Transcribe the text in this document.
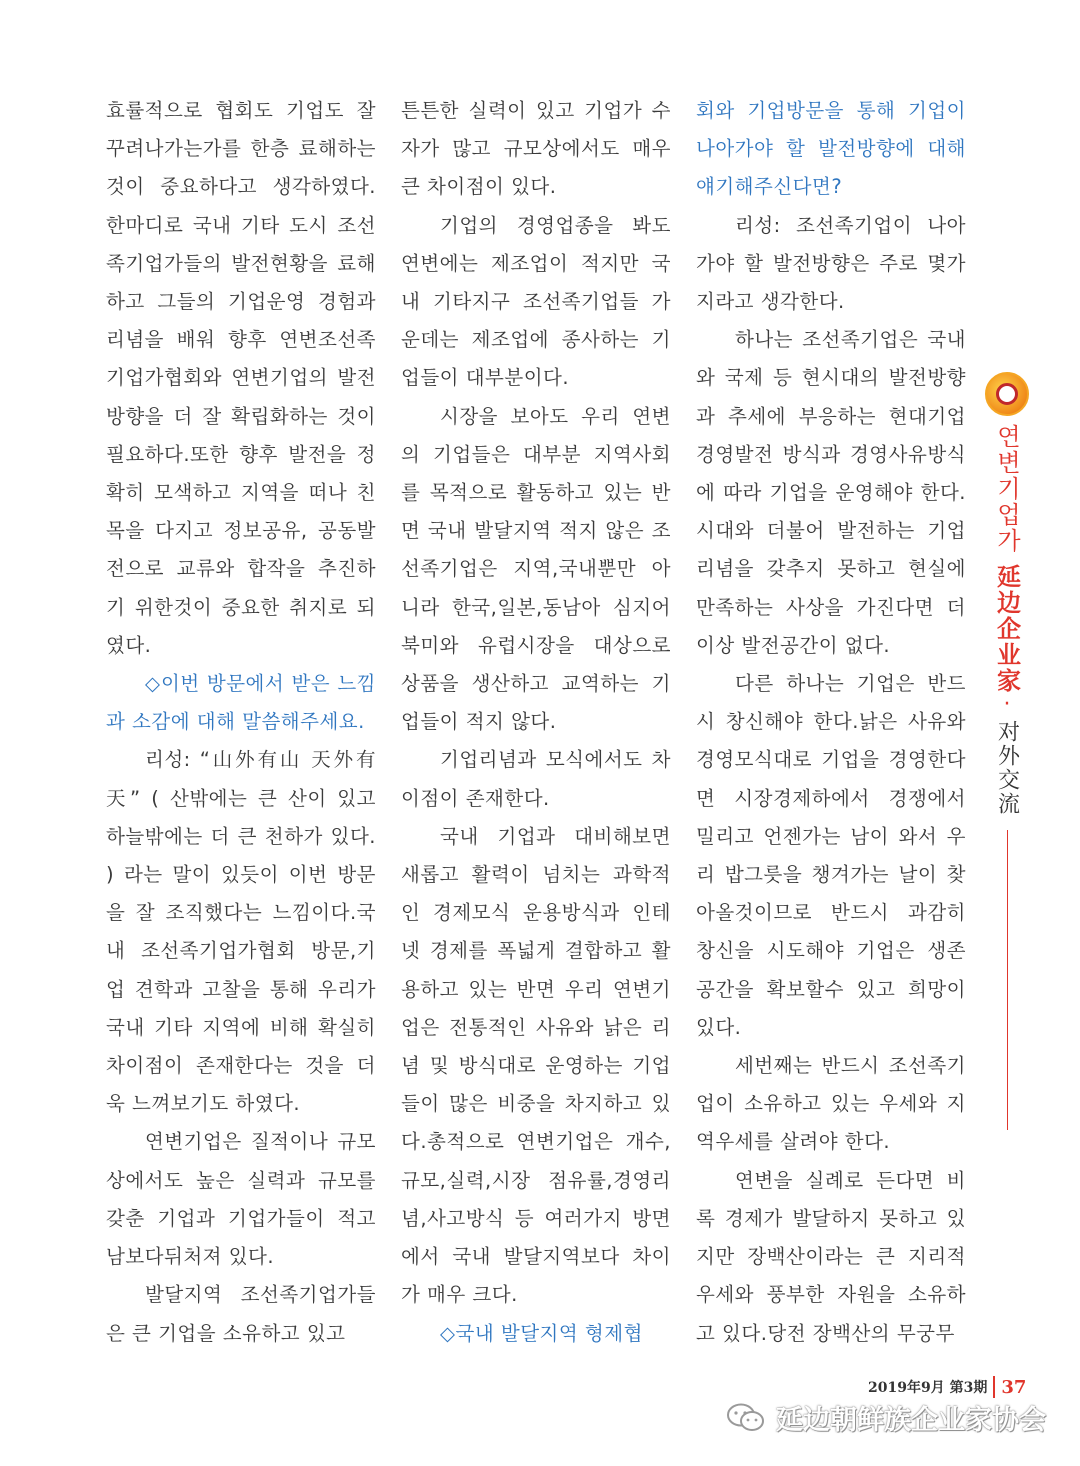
효률적으로 협회도 기업도 잘 꾸려나가는가를 한층 료해하는것이 중요하다고 생각하였다.한마디로 국내 기타 도시 조선족기업가들의 발전현황을 료해하고 그들의 기업운영 경험과 리념을 배워 향후 연변조선족기업가협회와 연변기업의 발전방향을 더 잘 확립화하는 것이 필요하다.또한 향후 발전을 정확히 모색하고 지역을 떠나 친목을 다지고 정보공유, 공동발전으로 교류와 합작을 추진하기 위한것이 중요한 취지로 되였다.

◇이번 방문에서 받은 느낌과 소감에 대해 말씀해주세요.

리성: “山外有山 天外有天” ( 산밖에는 큰 산이 있고 하늘밖에는 더 큰 천하가 있다. ) 라는 말이 있듯이 이번 방문을 잘 조직했다는 느낌이다.국내 조선족기업가협회 방문,기업 견학과 고찰을 통해 우리가 국내 기타 지역에 비해 확실히 차이점이 존재한다는 것을 더욱 느껴보기도 하였다.

연변기업은 질적이나 규모상에서도 높은 실력과 규모를 갖춘 기업과 기업가들이 적고 남보다뒤처져 있다.

발달지역 조선족기업가들은 큰 기업을 소유하고 있고

튼튼한 실력이 있고 기업가 수자가 많고 규모상에서도 매우 큰 차이점이 있다.

기업의 경영업종을 봐도 연변에는 제조업이 적지만 국내 기타지구 조선족기업들 가운데는 제조업에 종사하는 기업들이 대부분이다.

시장을 보아도 우리 연변의 기업들은 대부분 지역사회를 목적으로 활동하고 있는 반면 국내 발달지역 적지 않은 조선족기업은 지역,국내뿐만 아니라 한국,일본,동남아 심지어 북미와 유럽시장을 대상으로 상품을 생산하고 교역하는 기업들이 적지 않다.

기업리념과 모식에서도 차이점이 존재한다.

국내 기업과 대비해보면 새롭고 활력이 넘치는 과학적인 경제모식 운용방식과 인테넷 경제를 폭넓게 결합하고 활용하고 있는 반면 우리 연변기업은 전통적인 사유와 낡은 리념 및 방식대로 운영하는 기업들이 많은 비중을 차지하고 있다.총적으로 연변기업은 개수,규모,실력,시장 점유률,경영리념,사고방식 등 여러가지 방면에서 국내 발달지역보다 차이가 매우 크다.

◇국내 발달지역 형제협

회와 기업방문을 통해 기업이 나아가야 할 발전방향에 대해 얘기해주신다면?

리성: 조선족기업이 나아가야 할 발전방향은 주로 몇가지라고 생각한다.

하나는 조선족기업은 국내와 국제 등 현시대의 발전방향과 추세에 부응하는 현대기업경영발전 방식과 경영사유방식에 따라 기업을 운영해야 한다.시대와 더불어 발전하는 기업리념을 갖추지 못하고 현실에 만족하는 사상을 가진다면 더 이상 발전공간이 없다.

다른 하나는 기업은 반드시 창신해야 한다.낡은 사유와 경영모식대로 기업을 경영한다면 시장경제하에서 경쟁에서 밀리고 언젠가는 남이 와서 우리 밥그릇을 챙겨가는 날이 찾아올것이므로 반드시 과감히 창신을 시도해야 기업은 생존공간을 확보할수 있고 희망이 있다.

세번째는 반드시 조선족기업이 소유하고 있는 우세와 지역우세를 살려야 한다.

연변을 실례로 든다면 비록 경제가 발달하지 못하고 있지만 장백산이라는 큰 지리적 우세와 풍부한 자원을 소유하고 있다.당전 장백산의 무궁무

연변기업가
延边企业家
·
对外交流
2019年9月 第3期 37
延边朝鲜族企业家协会
